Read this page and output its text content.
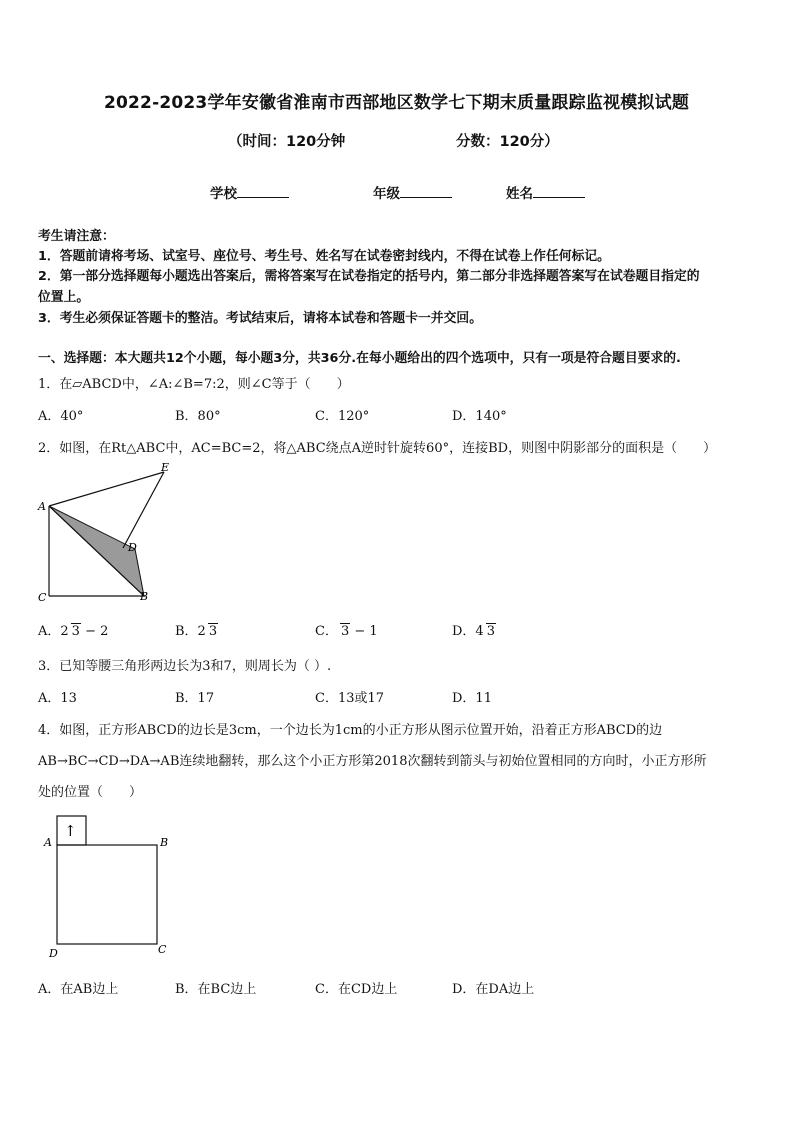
2022-2023学年安徽省淮南市西部地区数学七下期末质量跟踪监视模拟试题
（时间：120分钟	分数：120分）
学校	年级	姓名
考生请注意：
1．答题前请将考场、试室号、座位号、考生号、姓名写在试卷密封线内，不得在试卷上作任何标记。
2．第一部分选择题每小题选出答案后，需将答案写在试卷指定的括号内，第二部分非选择题答案写在试卷题目指定的
位置上。
3．考生必须保证答题卡的整洁。考试结束后，请将本试卷和答题卡一并交回。
一、选择题：本大题共12个小题，每小题3分，共36分.在每小题给出的四个选项中，只有一项是符合题目要求的.
1．在▱ABCD中，∠A:∠B=7:2，则∠C等于（　　）
A．40°	B．80°	C．120°	D．140°
2．如图，在Rt△ABC中，AC=BC=2，将△ABC绕点A逆时针旋转60°，连接BD，则图中阴影部分的面积是（　　）
A
C	B
D
E
A．2 3 − 2	B．2 3	C． 3 − 1	D．4 3
3．已知等腰三角形两边长为3和7，则周长为（ ）.
A．13	B．17	C．13或17	D．11
4．如图，正方形ABCD的边长是3cm，一个边长为1cm的小正方形从图示位置开始，沿着正方形ABCD的边
AB→BC→CD→DA→AB连续地翻转，那么这个小正方形第2018次翻转到箭头与初始位置相同的方向时，小正方形所
处的位置（　　）
↑
A	B
C
D
A．在AB边上	B．在BC边上	C．在CD边上	D．在DA边上
